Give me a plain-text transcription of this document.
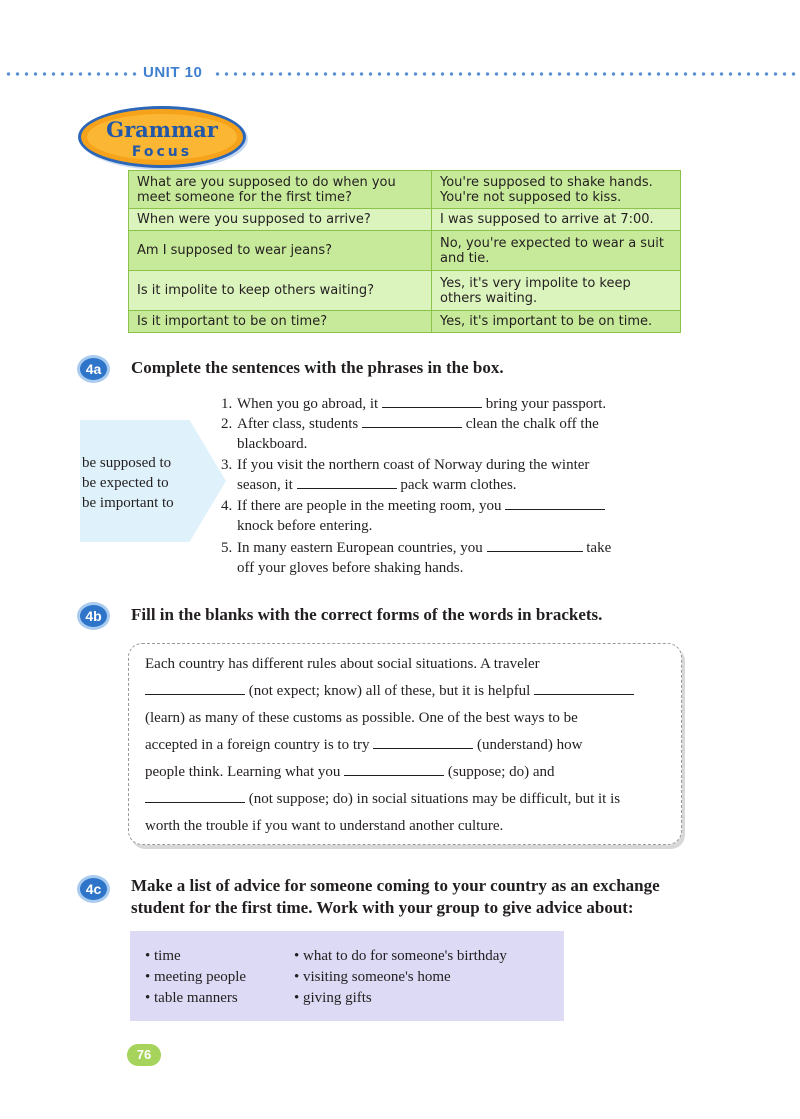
UNIT 10
Grammar
Focus
What are you supposed to do when you meet someone for the first time?	You're supposed to shake hands. You're not supposed to kiss.
When were you supposed to arrive?	I was supposed to arrive at 7:00.
Am I supposed to wear jeans?	No, you're expected to wear a suit and tie.
Is it impolite to keep others waiting?	Yes, it's very impolite to keep others waiting.
Is it important to be on time?	Yes, it's important to be on time.
4a	Complete the sentences with the phrases in the box.
be supposed to
be expected to
be important to
1. When you go abroad, it	bring your passport.
2. After class, students	clean the chalk off the
blackboard.
3. If you visit the northern coast of Norway during the winter
season, it	pack warm clothes.
4. If there are people in the meeting room, you
knock before entering.
5. In many eastern European countries, you	take
off your gloves before shaking hands.
4b	Fill in the blanks with the correct forms of the words in brackets.
Each country has different rules about social situations. A traveler
(not expect; know) all of these, but it is helpful
(learn) as many of these customs as possible. One of the best ways to be
accepted in a foreign country is to try	(understand) how
people think. Learning what you	(suppose; do) and
(not suppose; do) in social situations may be difficult, but it is
worth the trouble if you want to understand another culture.
4c	Make a list of advice for someone coming to your country as an exchange
student for the first time. Work with your group to give advice about:
• time
• meeting people
• table manners
• what to do for someone's birthday
• visiting someone's home
• giving gifts
76
